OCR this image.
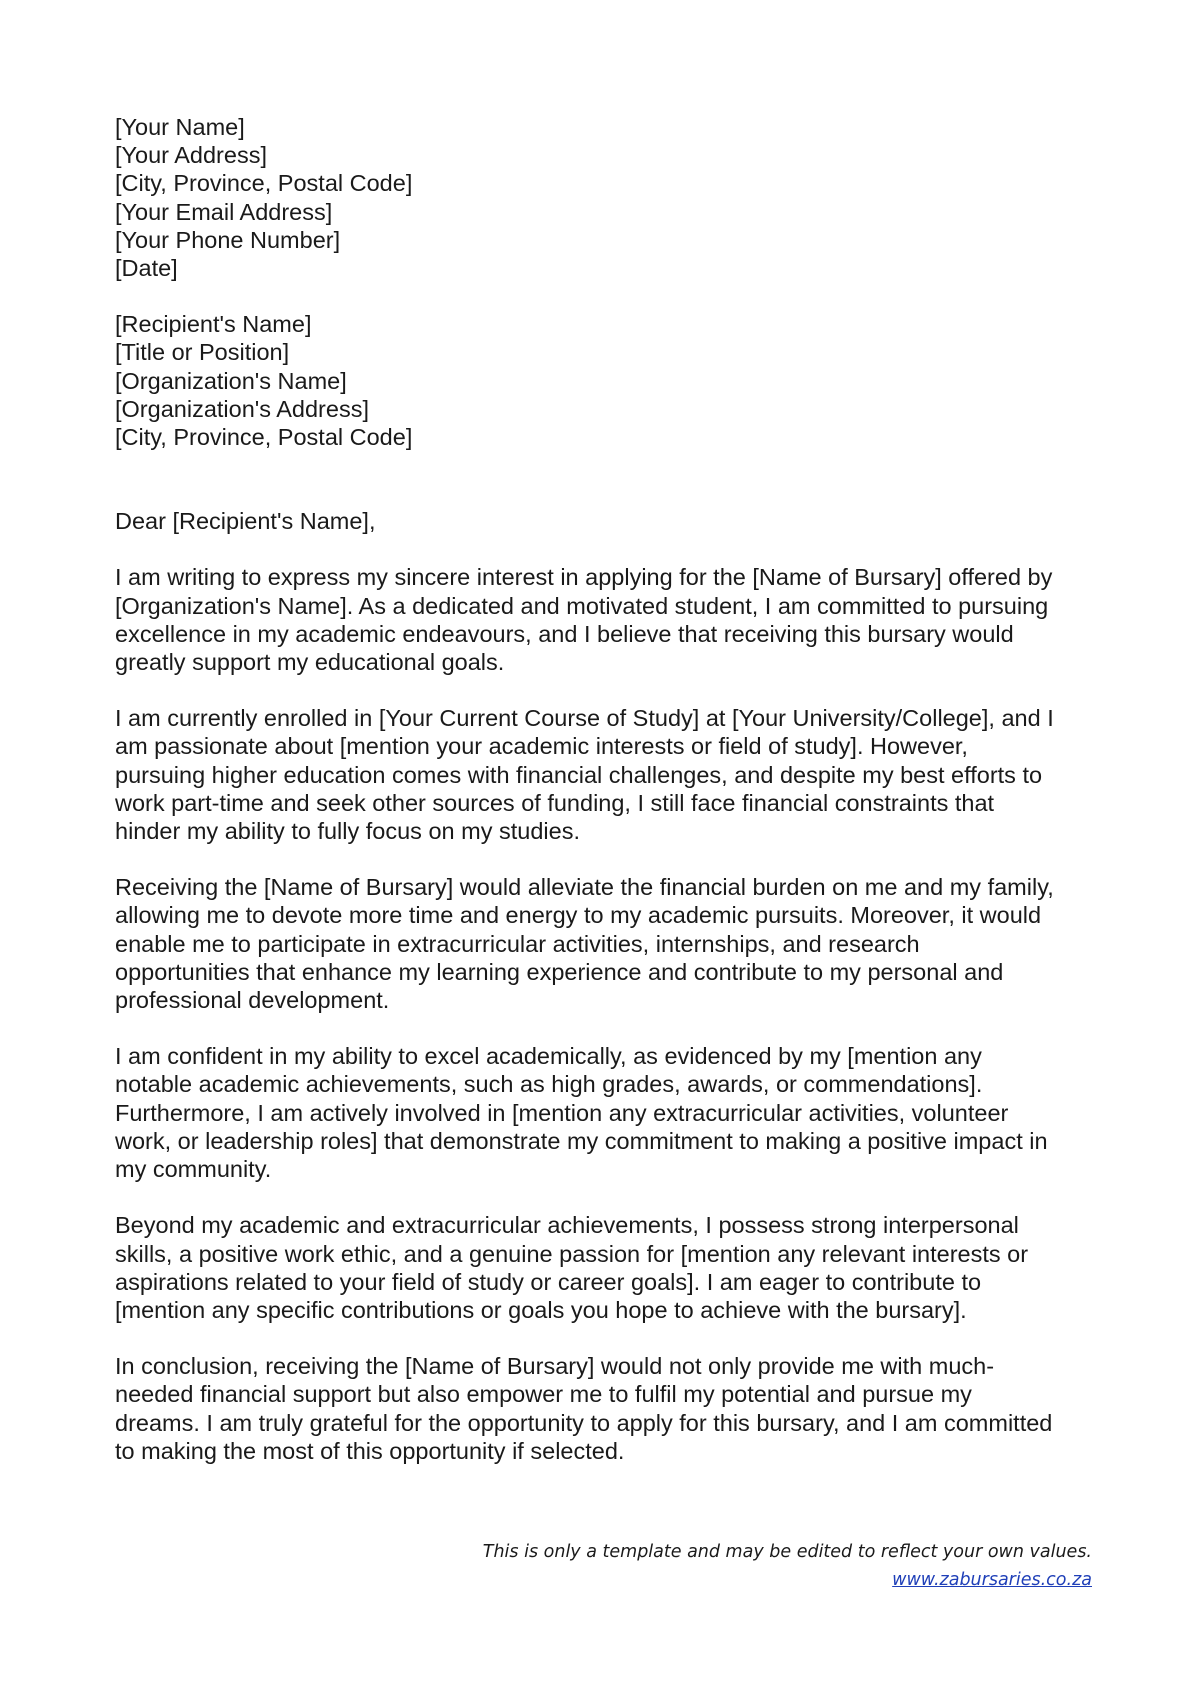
[Your Name]
[Your Address]
[City, Province, Postal Code]
[Your Email Address]
[Your Phone Number]
[Date]
[Recipient's Name]
[Title or Position]
[Organization's Name]
[Organization's Address]
[City, Province, Postal Code]
Dear [Recipient's Name],
I am writing to express my sincere interest in applying for the [Name of Bursary] offered by
[Organization's Name]. As a dedicated and motivated student, I am committed to pursuing
excellence in my academic endeavours, and I believe that receiving this bursary would
greatly support my educational goals.
I am currently enrolled in [Your Current Course of Study] at [Your University/College], and I
am passionate about [mention your academic interests or field of study]. However,
pursuing higher education comes with financial challenges, and despite my best efforts to
work part-time and seek other sources of funding, I still face financial constraints that
hinder my ability to fully focus on my studies.
Receiving the [Name of Bursary] would alleviate the financial burden on me and my family,
allowing me to devote more time and energy to my academic pursuits. Moreover, it would
enable me to participate in extracurricular activities, internships, and research
opportunities that enhance my learning experience and contribute to my personal and
professional development.
I am confident in my ability to excel academically, as evidenced by my [mention any
notable academic achievements, such as high grades, awards, or commendations].
Furthermore, I am actively involved in [mention any extracurricular activities, volunteer
work, or leadership roles] that demonstrate my commitment to making a positive impact in
my community.
Beyond my academic and extracurricular achievements, I possess strong interpersonal
skills, a positive work ethic, and a genuine passion for [mention any relevant interests or
aspirations related to your field of study or career goals]. I am eager to contribute to
[mention any specific contributions or goals you hope to achieve with the bursary].
In conclusion, receiving the [Name of Bursary] would not only provide me with much-
needed financial support but also empower me to fulfil my potential and pursue my
dreams. I am truly grateful for the opportunity to apply for this bursary, and I am committed
to making the most of this opportunity if selected.
This is only a template and may be edited to reflect your own values.
www.zabursaries.co.za
